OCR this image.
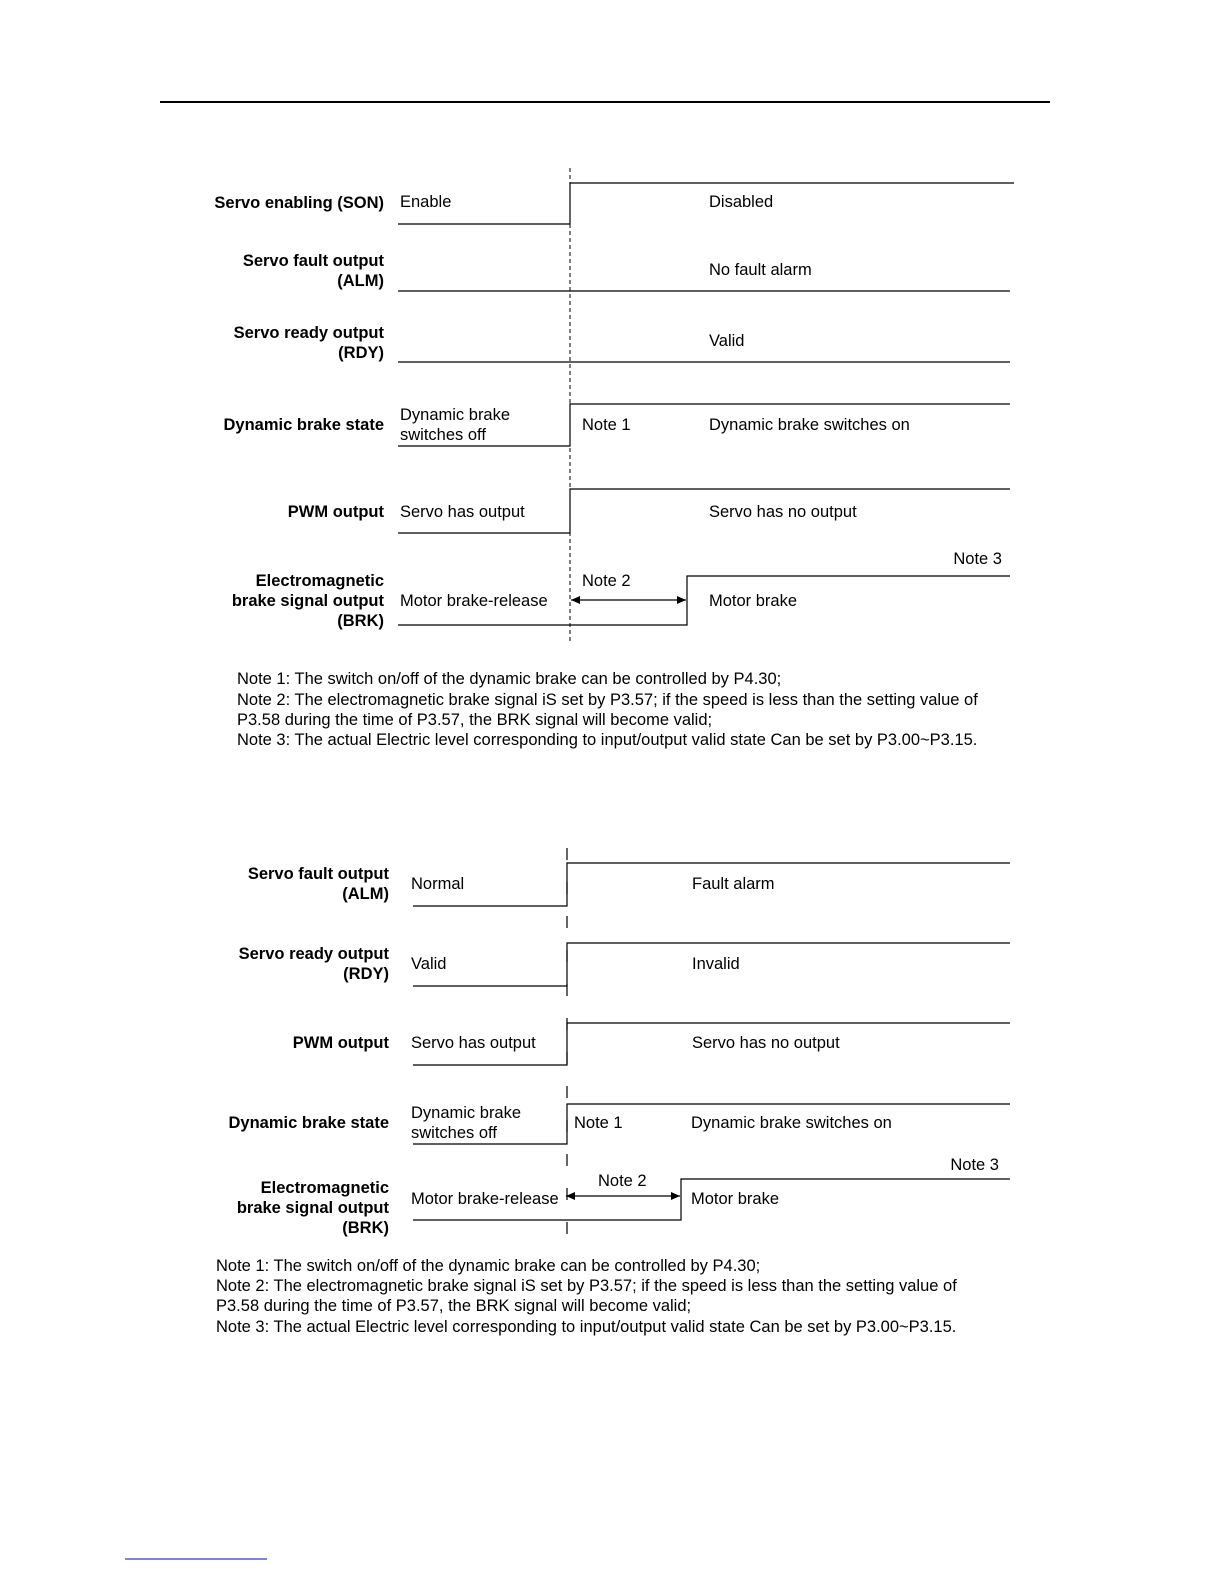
Servo enabling (SON) Enable	Disabled
Servo fault output
(ALM)
No fault alarm
Servo ready output
(RDY)
Valid
Dynamic brake state
Dynamic brake
switches off
Note 1	Dynamic brake switches on
PWM output Servo has output	Servo has no output
Electromagnetic
brake signal output
(BRK)
Motor brake-release
Note 2
Motor brake
Note 3
Note 1: The switch on/off of the dynamic brake can be controlled by P4.30;
Note 2: The electromagnetic brake signal iS set by P3.57; if the speed is less than the setting value of
P3.58 during the time of P3.57, the BRK signal will become valid;
Note 3: The actual Electric level corresponding to input/output valid state Can be set by P3.00~P3.15.
Servo fault output
(ALM)
Normal	Fault alarm
Servo ready output
(RDY)
Valid	Invalid
PWM output Servo has output	Servo has no output
Dynamic brake state
Dynamic brake
switches off
Note 1	Dynamic brake switches on
Electromagnetic
brake signal output
(BRK)
Motor brake-release
Note 2
Motor brake
Note 3
Note 1: The switch on/off of the dynamic brake can be controlled by P4.30;
Note 2: The electromagnetic brake signal iS set by P3.57; if the speed is less than the setting value of
P3.58 during the time of P3.57, the BRK signal will become valid;
Note 3: The actual Electric level corresponding to input/output valid state Can be set by P3.00~P3.15.
